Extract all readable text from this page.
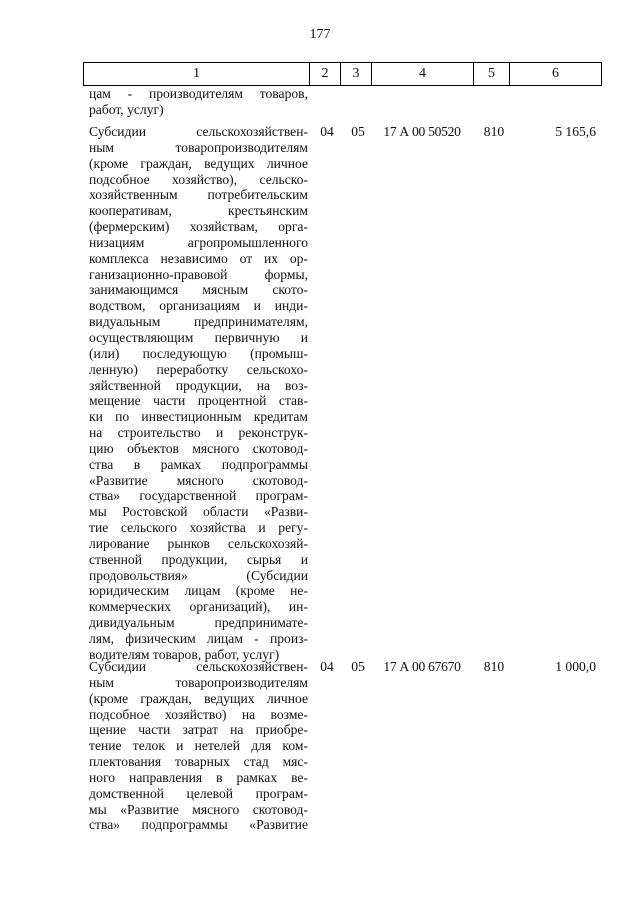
177
1	2	3	4	5	6
цам - производителям товаров,
работ, услуг)
Субсидии сельскохозяйствен-
ным товаропроизводителям
(кроме граждан, ведущих личное
подсобное хозяйство), сельско-
хозяйственным потребительским
кооперативам, крестьянским
(фермерским) хозяйствам, орга-
низациям агропромышленного
комплекса независимо от их ор-
ганизационно-правовой формы,
занимающимся мясным ското-
водством, организациям и инди-
видуальным предпринимателям,
осуществляющим первичную и
(или) последующую (промыш-
ленную) переработку сельскохо-
зяйственной продукции, на воз-
мещение части процентной став-
ки по инвестиционным кредитам
на строительство и реконструк-
цию объектов мясного скотовод-
ства в рамках подпрограммы
«Развитие мясного скотовод-
ства» государственной програм-
мы Ростовской области «Разви-
тие сельского хозяйства и регу-
лирование рынков сельскохозяй-
ственной продукции, сырья и
продовольствия» (Субсидии
юридическим лицам (кроме не-
коммерческих организаций), ин-
дивидуальным предпринимате-
лям, физическим лицам - произ-
водителям товаров, работ, услуг)
04	05	17 А 00 50520	810	5 165,6
Субсидии сельскохозяйствен-
ным товаропроизводителям
(кроме граждан, ведущих личное
подсобное хозяйство) на возме-
щение части затрат на приобре-
тение телок и нетелей для ком-
плектования товарных стад мяс-
ного направления в рамках ве-
домственной целевой програм-
мы «Развитие мясного скотовод-
ства» подпрограммы «Развитие
04	05	17 А 00 67670	810	1 000,0
